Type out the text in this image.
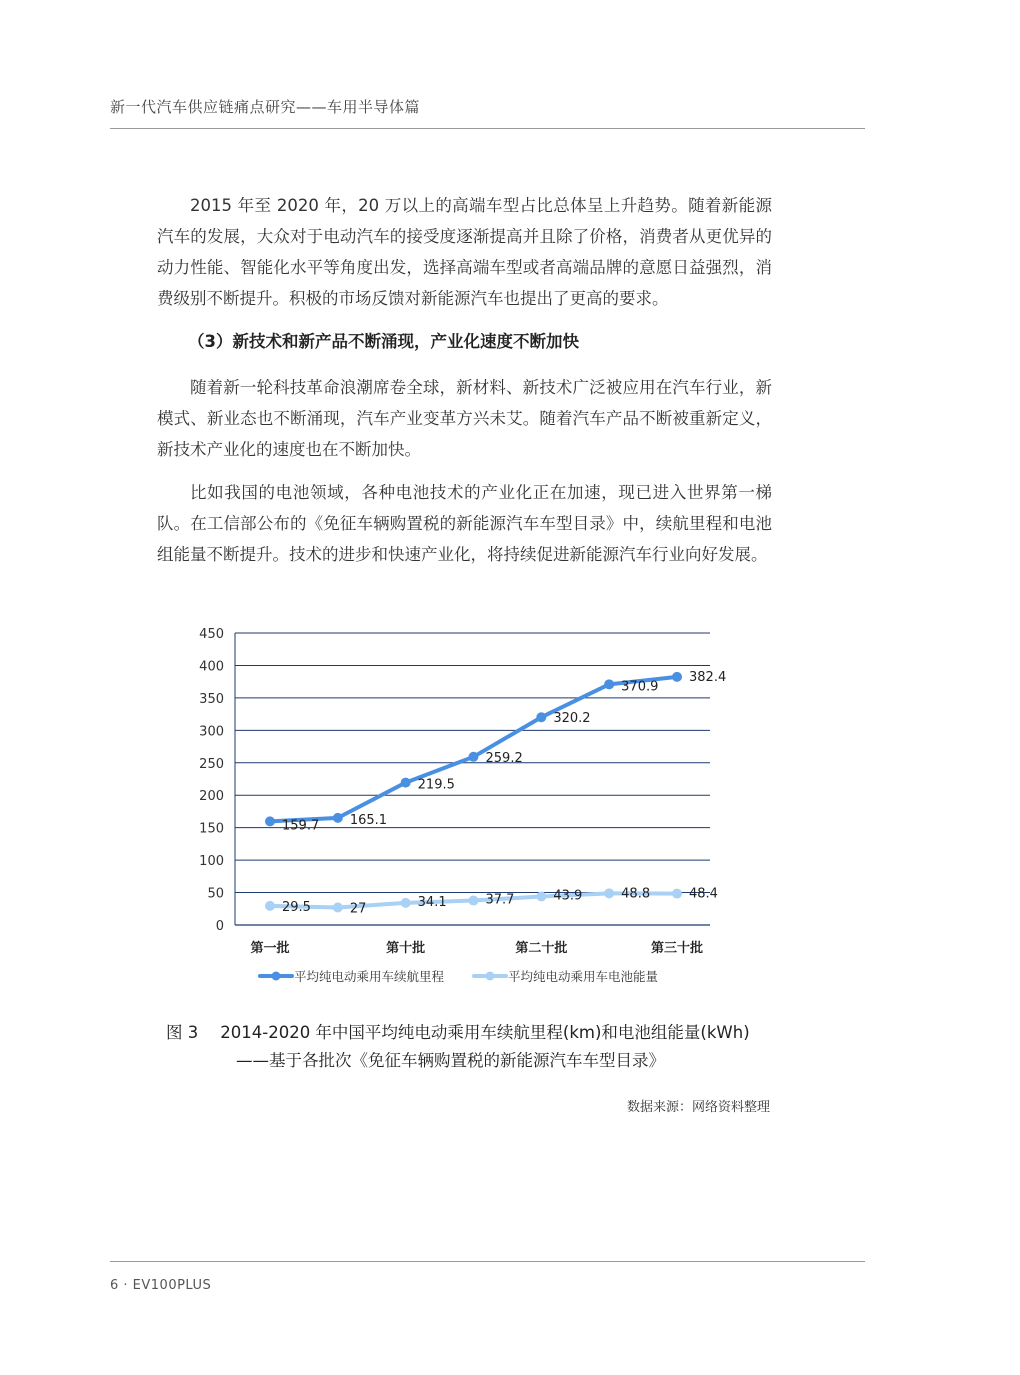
新一代汽车供应链痛点研究——车用半导体篇

2015 年至 2020 年，20 万以上的高端车型占比总体呈上升趋势。随着新能源汽车的发展，大众对于电动汽车的接受度逐渐提高并且除了价格，消费者从更优异的动力性能、智能化水平等角度出发，选择高端车型或者高端品牌的意愿日益强烈，消费级别不断提升。积极的市场反馈对新能源汽车也提出了更高的要求。

（3）新技术和新产品不断涌现，产业化速度不断加快

随着新一轮科技革命浪潮席卷全球，新材料、新技术广泛被应用在汽车行业，新模式、新业态也不断涌现，汽车产业变革方兴未艾。随着汽车产品不断被重新定义，新技术产业化的速度也在不断加快。

比如我国的电池领域，各种电池技术的产业化正在加速，现已进入世界第一梯队。在工信部公布的《免征车辆购置税的新能源汽车车型目录》中，续航里程和电池组能量不断提升。技术的进步和快速产业化，将持续促进新能源汽车行业向好发展。

0
50
100
150
200
250
300
350
400
450
第一批	第十批	第二十批	第三十批
159.7 165.1
219.5
259.2
320.2
370.9
382.4
29.5	27	34.1	37.7	43.9	48.8	48.4
平均纯电动乘用车续航里程	平均纯电动乘用车电池能量

图 3 2014-2020 年中国平均纯电动乘用车续航里程(km)和电池组能量(kWh)

——基于各批次《免征车辆购置税的新能源汽车车型目录》

数据来源：网络资料整理
6 · EV100PLUS
